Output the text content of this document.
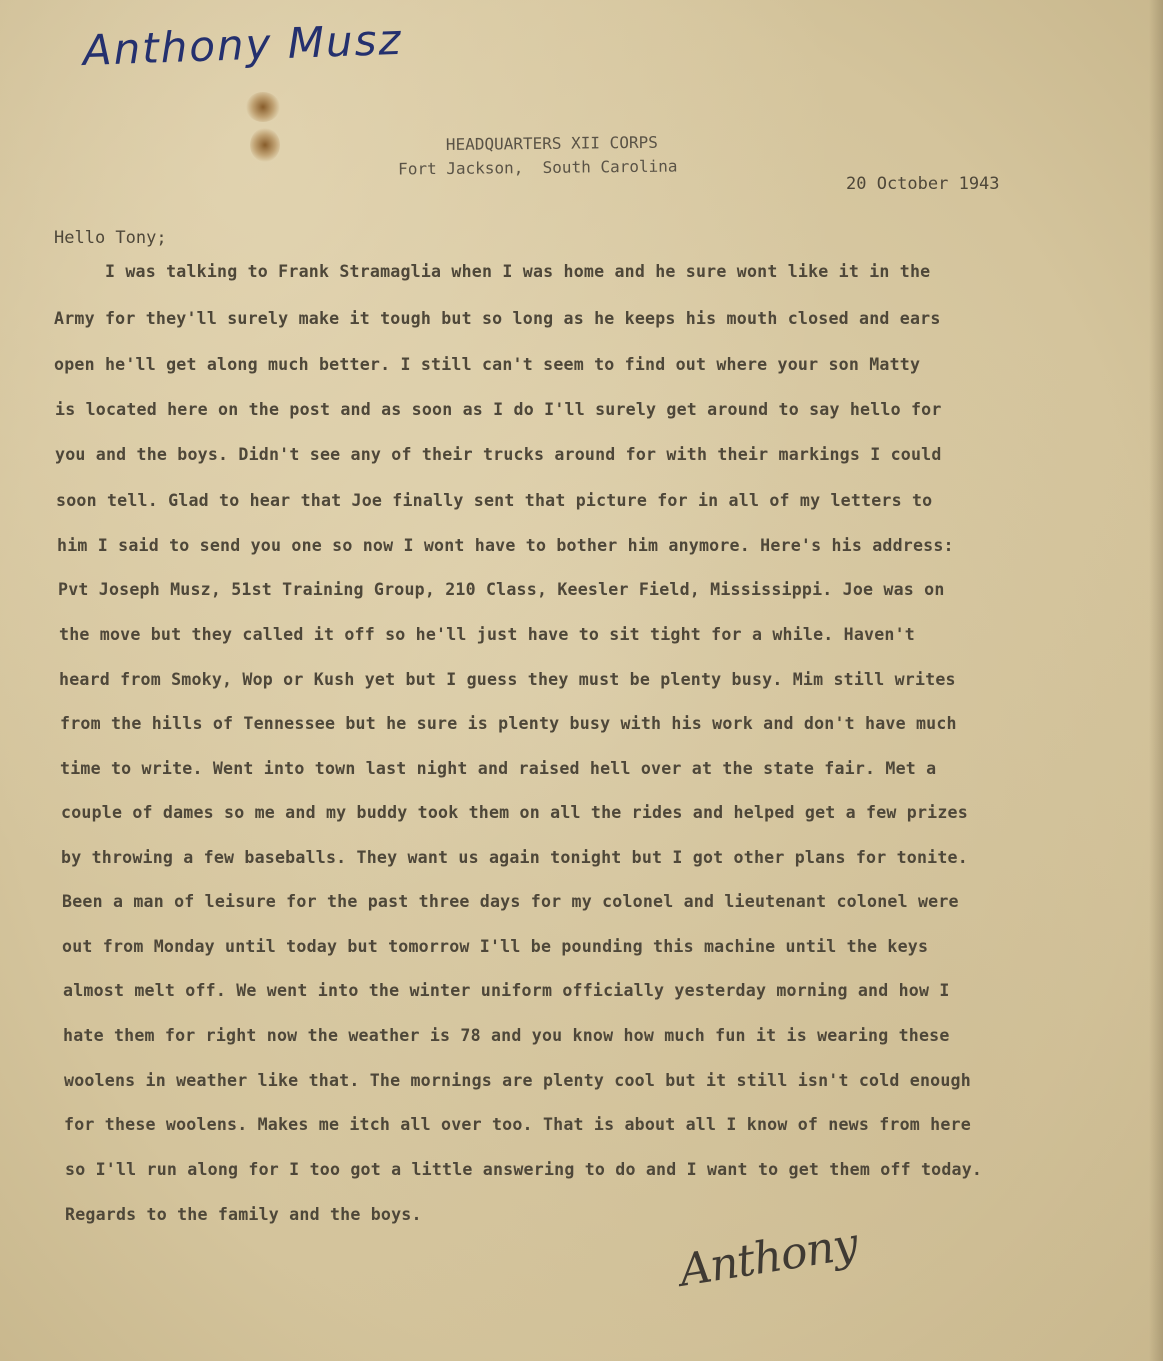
Anthony Musz
HEADQUARTERS XII CORPS
Fort Jackson,  South Carolina
20 October 1943
Hello Tony;
I was talking to Frank Stramaglia when I was home and he sure wont like it in the
Army for they'll surely make it tough but so long as he keeps his mouth closed and ears
open he'll get along much better. I still can't seem to find out where your son Matty
is located here on the post and as soon as I do I'll surely get around to say hello for
you and the boys. Didn't see any of their trucks around for with their markings I could
soon tell. Glad to hear that Joe finally sent that picture for in all of my letters to
him I said to send you one so now I wont have to bother him anymore. Here's his address:
Pvt Joseph Musz, 51st Training Group, 210 Class, Keesler Field, Mississippi. Joe was on
the move but they called it off so he'll just have to sit tight for a while. Haven't
heard from Smoky, Wop or Kush yet but I guess they must be plenty busy. Mim still writes
from the hills of Tennessee but he sure is plenty busy with his work and don't have much
time to write. Went into town last night and raised hell over at the state fair. Met a
couple of dames so me and my buddy took them on all the rides and helped get a few prizes
by throwing a few baseballs. They want us again tonight but I got other plans for tonite.
Been a man of leisure for the past three days for my colonel and lieutenant colonel were
out from Monday until today but tomorrow I'll be pounding this machine until the keys
almost melt off. We went into the winter uniform officially yesterday morning and how I
hate them for right now the weather is 78 and you know how much fun it is wearing these
woolens in weather like that. The mornings are plenty cool but it still isn't cold enough
for these woolens. Makes me itch all over too. That is about all I know of news from here
so I'll run along for I too got a little answering to do and I want to get them off today.
Regards to the family and the boys.
Anthony
